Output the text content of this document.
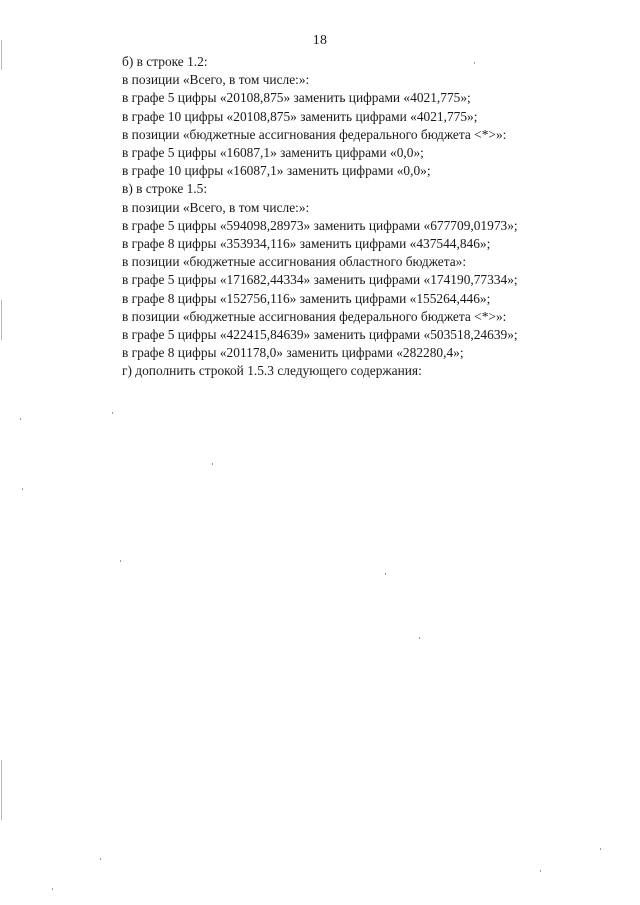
18
б) в строке 1.2:
в позиции «Всего, в том числе:»:
в графе 5 цифры «20108,875» заменить цифрами «4021,775»;
в графе 10 цифры «20108,875» заменить цифрами «4021,775»;
в позиции «бюджетные ассигнования федерального бюджета <*>»:
в графе 5 цифры «16087,1» заменить цифрами «0,0»;
в графе 10 цифры «16087,1» заменить цифрами «0,0»;
в) в строке 1.5:
в позиции «Всего, в том числе:»:
в графе 5 цифры «594098,28973» заменить цифрами «677709,01973»;
в графе 8 цифры «353934,116» заменить цифрами «437544,846»;
в позиции «бюджетные ассигнования областного бюджета»:
в графе 5 цифры «171682,44334» заменить цифрами «174190,77334»;
в графе 8 цифры «152756,116» заменить цифрами «155264,446»;
в позиции «бюджетные ассигнования федерального бюджета <*>»:
в графе 5 цифры «422415,84639» заменить цифрами «503518,24639»;
в графе 8 цифры «201178,0» заменить цифрами «282280,4»;
г) дополнить строкой 1.5.3 следующего содержания:
